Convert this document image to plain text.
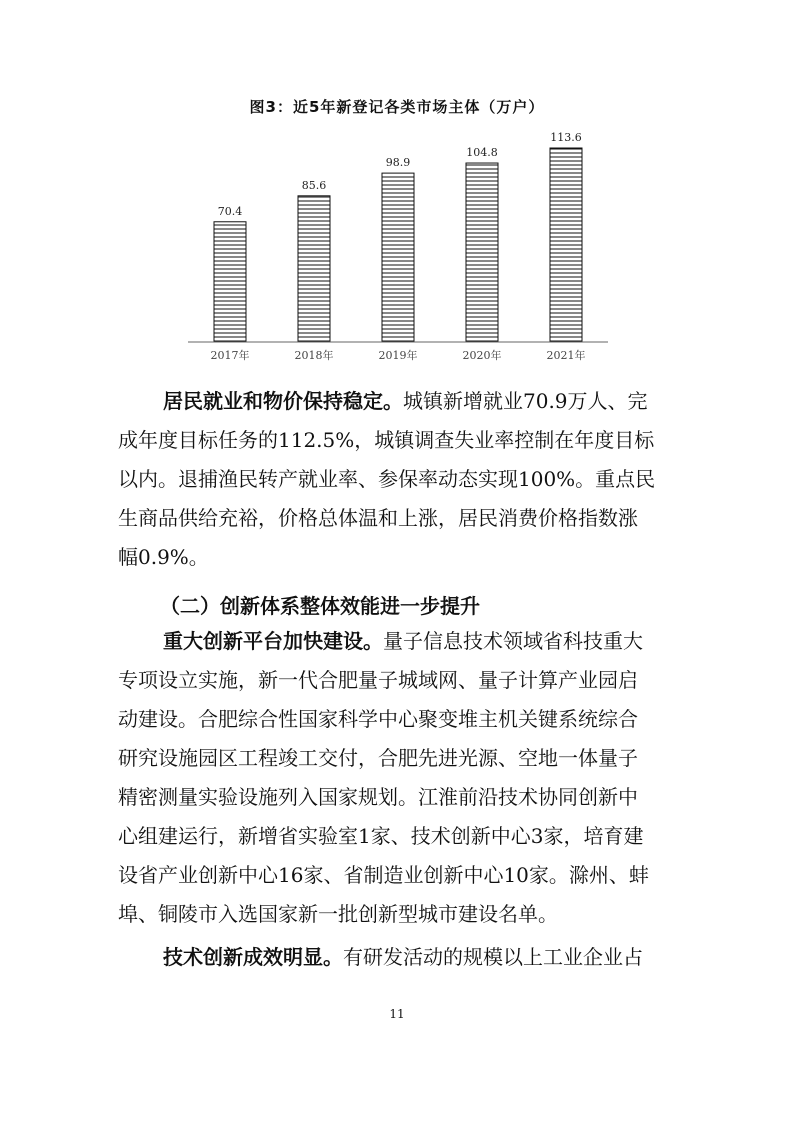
图3：近5年新登记各类市场主体（万户）
70.4
2017年
85.6
2018年
98.9
2019年
104.8
2020年
113.6
2021年
居民就业和物价保持稳定。城镇新增就业70.9万人、完
成年度目标任务的112.5%，城镇调查失业率控制在年度目标
以内。退捕渔民转产就业率、参保率动态实现100%。重点民
生商品供给充裕，价格总体温和上涨，居民消费价格指数涨
幅0.9%。
（二）创新体系整体效能进一步提升
重大创新平台加快建设。量子信息技术领域省科技重大
专项设立实施，新一代合肥量子城域网、量子计算产业园启
动建设。合肥综合性国家科学中心聚变堆主机关键系统综合
研究设施园区工程竣工交付，合肥先进光源、空地一体量子
精密测量实验设施列入国家规划。江淮前沿技术协同创新中
心组建运行，新增省实验室1家、技术创新中心3家，培育建
设省产业创新中心16家、省制造业创新中心10家。滁州、蚌
埠、铜陵市入选国家新一批创新型城市建设名单。
技术创新成效明显。有研发活动的规模以上工业企业占
11
